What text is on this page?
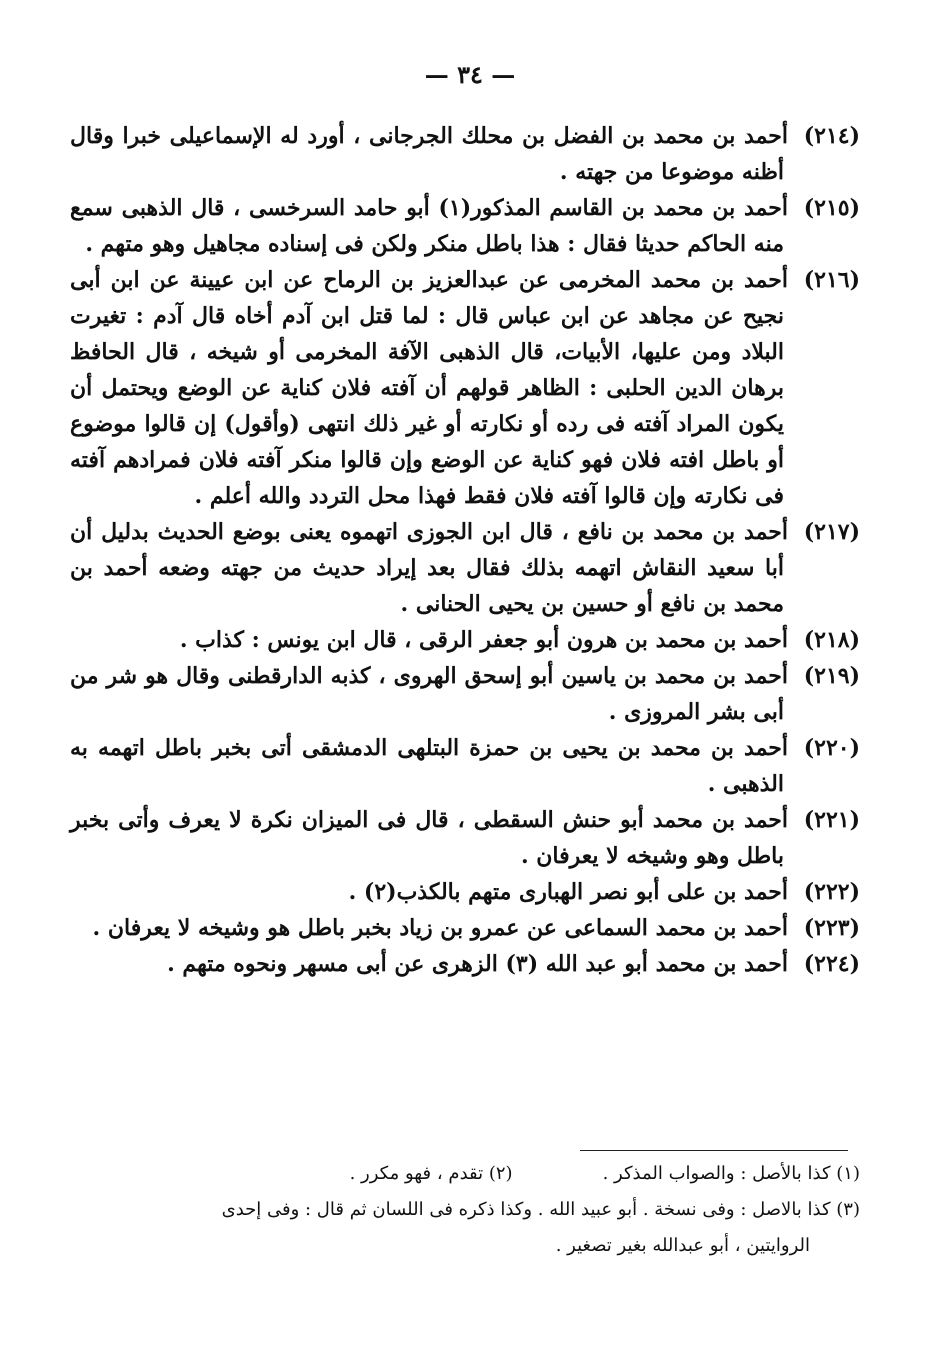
— ٣٤ —

(٢١٤)أحمد بن محمد بن الفضل بن محلك الجرجانى ، أورد له الإسماعيلى خبرا وقال أظنه موضوعا من جهته .

(٢١٥)أحمد بن محمد بن القاسم المذكور(١) أبو حامد السرخسى ، قال الذهبى سمع منه الحاكم حديثا فقال : هذا باطل منكر ولكن فى إسناده مجاهيل وهو متهم .

(٢١٦)أحمد بن محمد المخرمى عن عبدالعزيز بن الرماح عن ابن عيينة عن ابن أبى نجيح عن مجاهد عن ابن عباس قال : لما قتل ابن آدم أخاه قال آدم : تغيرت البلاد ومن عليها، الأبيات، قال الذهبى الآفة المخرمى أو شيخه ، قال الحافظ برهان الدين الحلبى : الظاهر قولهم أن آفته فلان كناية عن الوضع ويحتمل أن يكون المراد آفته فى رده أو نكارته أو غير ذلك انتهى (وأقول) إن قالوا موضوع أو باطل افته فلان فهو كناية عن الوضع وإن قالوا منكر آفته فلان فمرادهم آفته فى نكارته وإن قالوا آفته فلان فقط فهذا محل التردد والله أعلم .

(٢١٧)أحمد بن محمد بن نافع ، قال ابن الجوزى اتهموه يعنى بوضع الحديث بدليل أن أبا سعيد النقاش اتهمه بذلك فقال بعد إيراد حديث من جهته وضعه أحمد بن محمد بن نافع أو حسين بن يحيى الحنانى .

(٢١٨)أحمد بن محمد بن هرون أبو جعفر الرقى ، قال ابن يونس : كذاب .

(٢١٩)أحمد بن محمد بن ياسين أبو إسحق الهروى ، كذبه الدارقطنى وقال هو شر من أبى بشر المروزى .

(٢٢٠)أحمد بن محمد بن يحيى بن حمزة البتلهى الدمشقى أتى بخبر باطل اتهمه به الذهبى .

(٢٢١)أحمد بن محمد أبو حنش السقطى ، قال فى الميزان نكرة لا يعرف وأتى بخبر باطل وهو وشيخه لا يعرفان .

(٢٢٢)أحمد بن على أبو نصر الهبارى متهم بالكذب(٢) .

(٢٢٣)أحمد بن محمد السماعى عن عمرو بن زياد بخبر باطل هو وشيخه لا يعرفان .

(٢٢٤)أحمد بن محمد أبو عبد الله (٣) الزهرى عن أبى مسهر ونحوه متهم .

(١) كذا بالأصل : والصواب المذكر .(٢) تقدم ، فهو مكرر .

(٣) كذا بالاصل : وفى نسخة . أبو عبيد الله . وكذا ذكره فى اللسان ثم قال : وفى إحدى

الروايتين ، أبو عبدالله بغير تصغير .
